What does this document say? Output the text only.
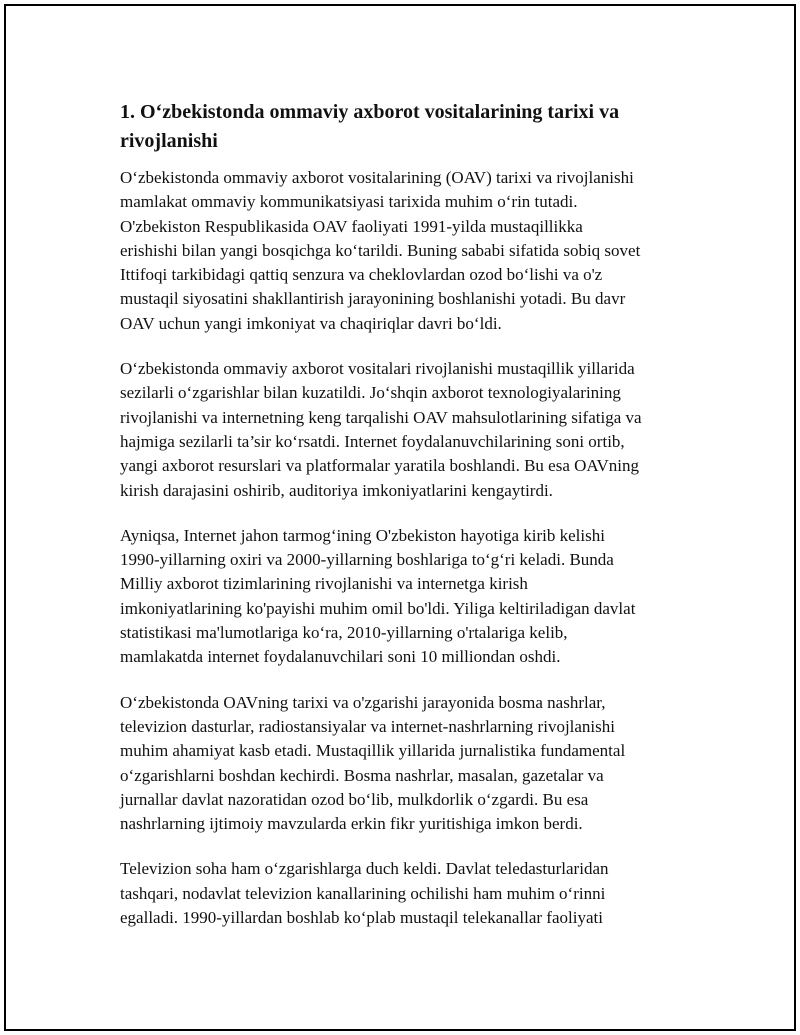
1. O‘zbekistonda ommaviy axborot vositalarining tarixi va
rivojlanishi

O‘zbekistonda ommaviy axborot vositalarining (OAV) tarixi va rivojlanishi
mamlakat ommaviy kommunikatsiyasi tarixida muhim o‘rin tutadi.
O'zbekiston Respublikasida OAV faoliyati 1991-yilda mustaqillikka
erishishi bilan yangi bosqichga ko‘tarildi. Buning sababi sifatida sobiq sovet
Ittifoqi tarkibidagi qattiq senzura va cheklovlardan ozod bo‘lishi va o'z
mustaqil siyosatini shakllantirish jarayonining boshlanishi yotadi. Bu davr
OAV uchun yangi imkoniyat va chaqiriqlar davri bo‘ldi.

O‘zbekistonda ommaviy axborot vositalari rivojlanishi mustaqillik yillarida
sezilarli o‘zgarishlar bilan kuzatildi. Jo‘shqin axborot texnologiyalarining
rivojlanishi va internetning keng tarqalishi OAV mahsulotlarining sifatiga va
hajmiga sezilarli ta’sir ko‘rsatdi. Internet foydalanuvchilarining soni ortib,
yangi axborot resurslari va platformalar yaratila boshlandi. Bu esa OAVning
kirish darajasini oshirib, auditoriya imkoniyatlarini kengaytirdi.

Ayniqsa, Internet jahon tarmog‘ining O'zbekiston hayotiga kirib kelishi
1990-yillarning oxiri va 2000-yillarning boshlariga to‘g‘ri keladi. Bunda
Milliy axborot tizimlarining rivojlanishi va internetga kirish
imkoniyatlarining ko'payishi muhim omil bo'ldi. Yiliga keltiriladigan davlat
statistikasi ma'lumotlariga ko‘ra, 2010-yillarning o'rtalariga kelib,
mamlakatda internet foydalanuvchilari soni 10 milliondan oshdi.

O‘zbekistonda OAVning tarixi va o'zgarishi jarayonida bosma nashrlar,
televizion dasturlar, radiostansiyalar va internet-nashrlarning rivojlanishi
muhim ahamiyat kasb etadi. Mustaqillik yillarida jurnalistika fundamental
o‘zgarishlarni boshdan kechirdi. Bosma nashrlar, masalan, gazetalar va
jurnallar davlat nazoratidan ozod bo‘lib, mulkdorlik o‘zgardi. Bu esa
nashrlarning ijtimoiy mavzularda erkin fikr yuritishiga imkon berdi.

Televizion soha ham o‘zgarishlarga duch keldi. Davlat teledasturlaridan
tashqari, nodavlat televizion kanallarining ochilishi ham muhim o‘rinni
egalladi. 1990-yillardan boshlab ko‘plab mustaqil telekanallar faoliyati
